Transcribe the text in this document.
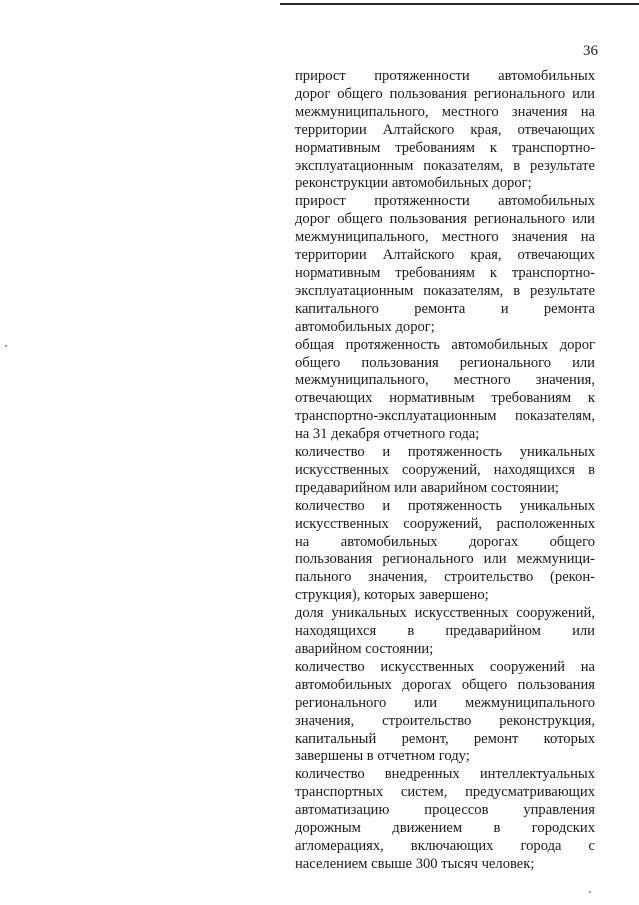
36
прирост протяженности автомобильных
дорог общего пользования регионального или
межмуниципального, местного значения на
территории Алтайского края, отвечающих
нормативным требованиям к транспортно-
эксплуатационным показателям, в результате
реконструкции автомобильных дорог;
прирост протяженности автомобильных
дорог общего пользования регионального или
межмуниципального, местного значения на
территории Алтайского края, отвечающих
нормативным требованиям к транспортно-
эксплуатационным показателям, в результате
капитального ремонта и ремонта
автомобильных дорог;
общая протяженность автомобильных дорог
общего пользования регионального или
межмуниципального, местного значения,
отвечающих нормативным требованиям к
транспортно-эксплуатационным показателям,
на 31 декабря отчетного года;
количество и протяженность уникальных
искусственных сооружений, находящихся в
предаварийном или аварийном состоянии;
количество и протяженность уникальных
искусственных сооружений, расположенных
на автомобильных дорогах общего
пользования регионального или межмуници-
пального значения, строительство (рекон-
струкция), которых завершено;
доля уникальных искусственных сооружений,
находящихся в предаварийном или
аварийном состоянии;
количество искусственных сооружений на
автомобильных дорогах общего пользования
регионального или межмуниципального
значения, строительство реконструкция,
капитальный ремонт, ремонт которых
завершены в отчетном году;
количество внедренных интеллектуальных
транспортных систем, предусматривающих
автоматизацию процессов управления
дорожным движением в городских
агломерациях, включающих города с
населением свыше 300 тысяч человек;
